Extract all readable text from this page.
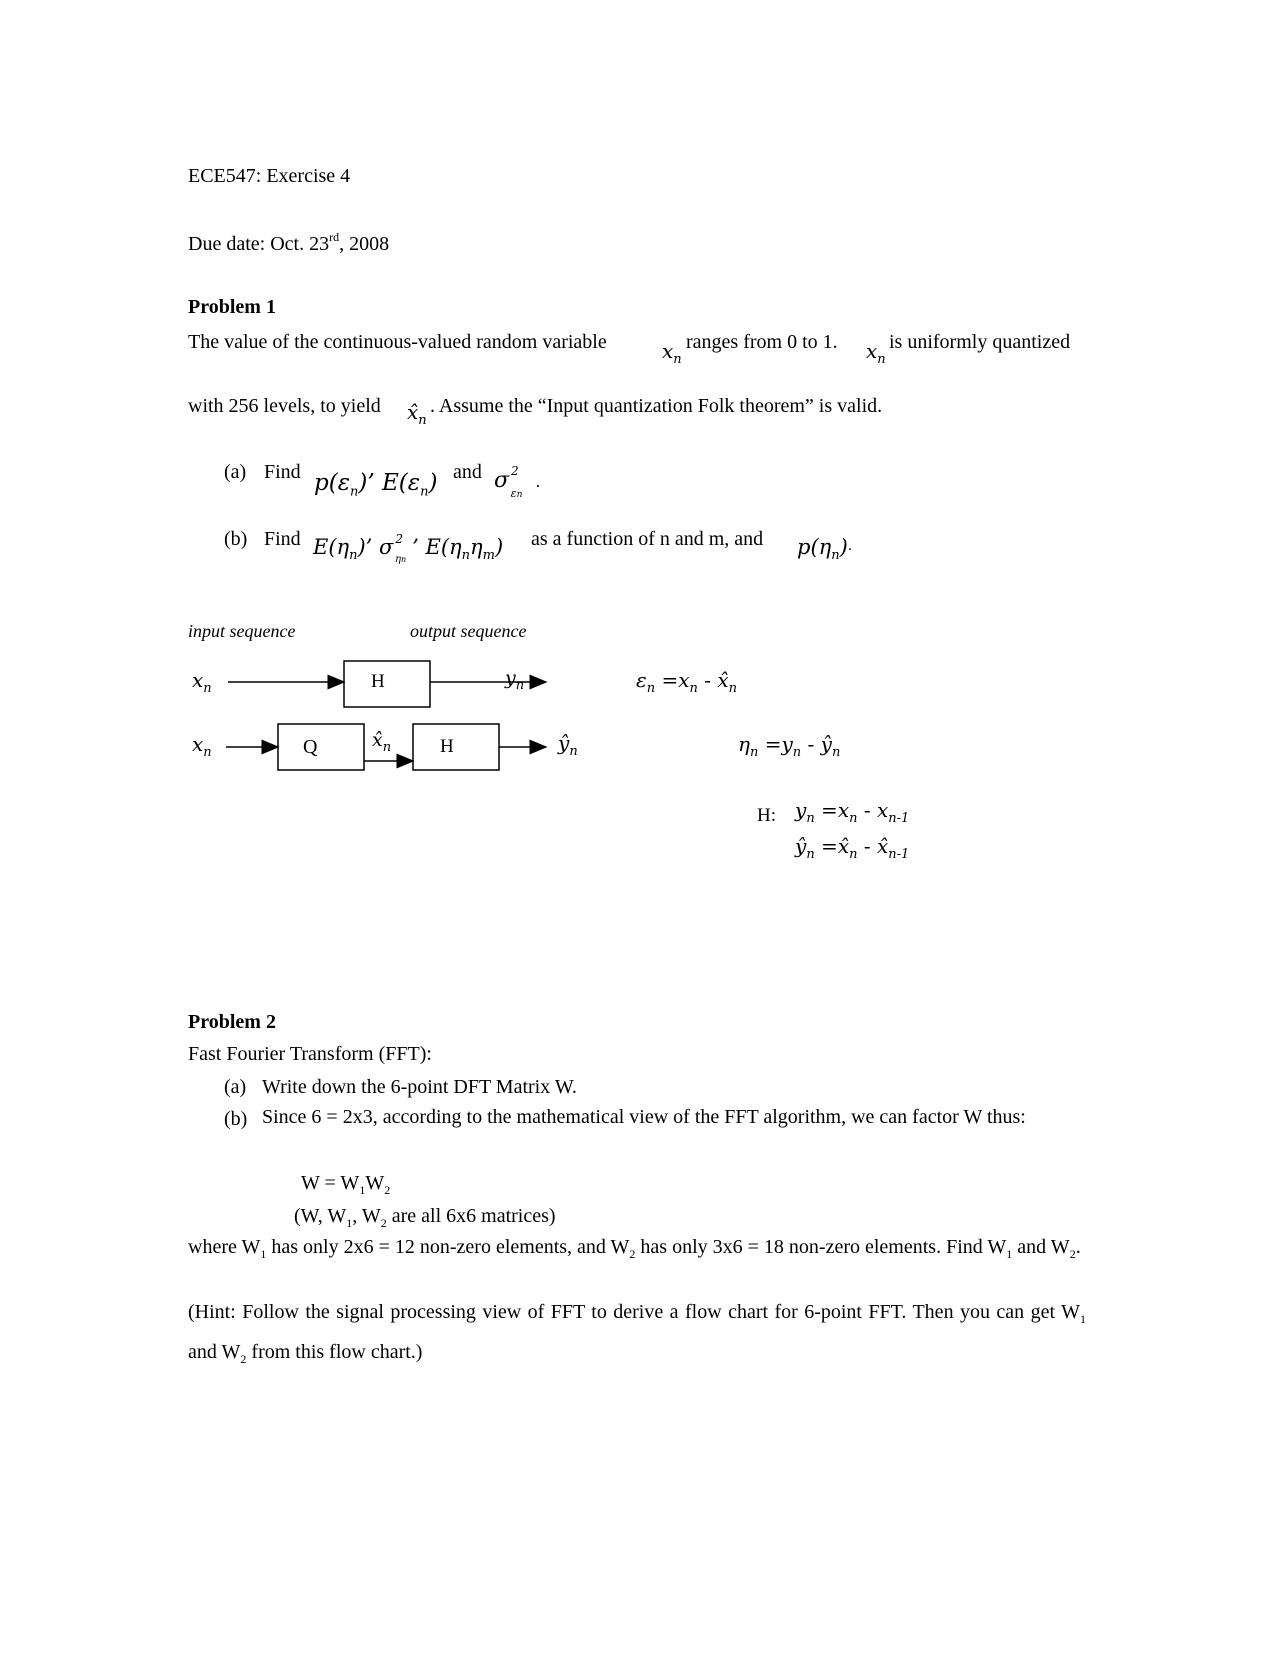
ECE547: Exercise 4
Due date: Oct. 23rd, 2008
Problem 1
The value of the continuous-valued random variable	$x_n$
ranges from 0 to 1. $x_n$
is uniformly quantized
with 256 levels, to yield $x̂_n$
. Assume the “Input quantization Folk theorem” is valid.
(a) Find $p(\varepsilon_n)$’ $E(\varepsilon_n)$ and σ $^2_{\varepsilon n}$ .
(b) Find $E(\eta_n)$’ σ $^2_{\eta n}$’ $E(\eta_n\eta_m)$ as a function of n and m, and $p(\eta_n)\cdot$
input sequence	output sequence
$x_n$	H	$y_n$
$x_n$	Q	$x̂_n$	H	$ŷ_n$
$\varepsilon_n =x_n$ - $x̂_n$
$\eta_n =y_n$ - $ŷ_n$
H: $y_n =x_n - x_{n-1}$
$ŷ_n$ $=x̂_n$ - $x̂_{n-1}$
Problem 2
Fast Fourier Transform (FFT):
(a) Write down the 6-point DFT Matrix W.
(b) Since 6 = 2x3, according to the mathematical view of the FFT algorithm, we can factor W thus:
$W = W_1W_2$
(W, $W_1$, $W_2$ are all 6x6 matrices)
where $W_1$ has only 2x6 = 12 non-zero elements, and $W_2$ has only 3x6 = 18 non-zero elements. Find $W_1$ and $W_2$.
(Hint: Follow the signal processing view of FFT to derive a flow chart for 6-point FFT. Then you can get $W_1$ and $W_2$ from this flow chart.)
